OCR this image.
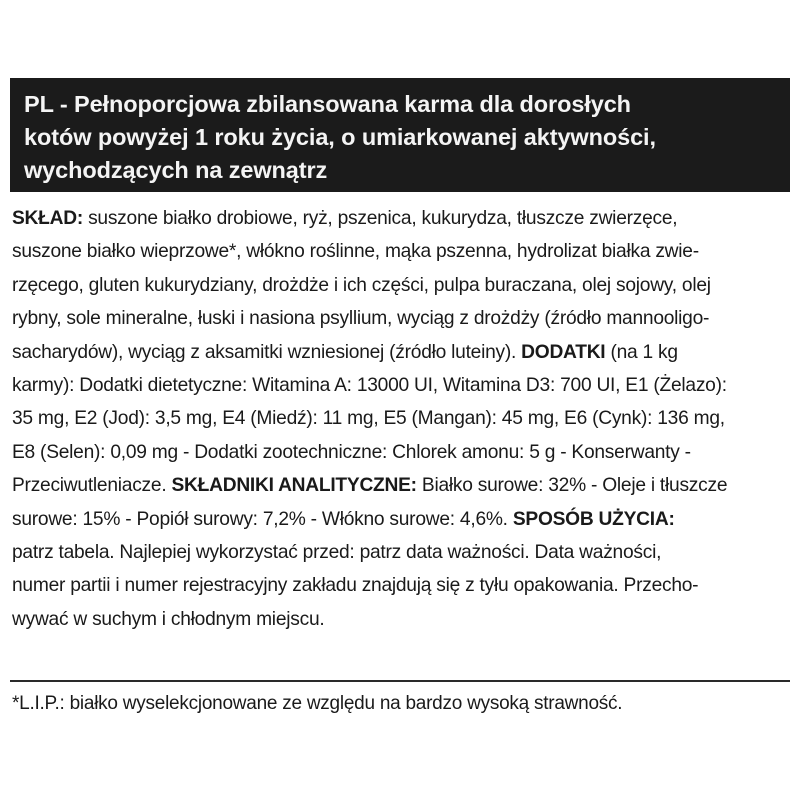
PL - Pełnoporcjowa zbilansowana karma dla dorosłych
kotów powyżej 1 roku życia, o umiarkowanej aktywności,
wychodzących na zewnątrz
SKŁAD: suszone białko drobiowe, ryż, pszenica, kukurydza, tłuszcze zwierzęce,
suszone białko wieprzowe*, włókno roślinne, mąka pszenna, hydrolizat białka zwie-
rzęcego, gluten kukurydziany, drożdże i ich części, pulpa buraczana, olej sojowy, olej
rybny, sole mineralne, łuski i nasiona psyllium, wyciąg z drożdży (źródło mannooligo-
sacharydów), wyciąg z aksamitki wzniesionej (źródło luteiny). DODATKI (na 1 kg
karmy): Dodatki dietetyczne: Witamina A: 13000 UI, Witamina D3: 700 UI, E1 (Żelazo):
35 mg, E2 (Jod): 3,5 mg, E4 (Miedź): 11 mg, E5 (Mangan): 45 mg, E6 (Cynk): 136 mg,
E8 (Selen): 0,09 mg - Dodatki zootechniczne: Chlorek amonu: 5 g - Konserwanty -
Przeciwutleniacze. SKŁADNIKI ANALITYCZNE: Białko surowe: 32% - Oleje i tłuszcze
surowe: 15% - Popiół surowy: 7,2% - Włókno surowe: 4,6%. SPOSÓB UŻYCIA:
patrz tabela. Najlepiej wykorzystać przed: patrz data ważności. Data ważności,
numer partii i numer rejestracyjny zakładu znajdują się z tyłu opakowania. Przecho-
wywać w suchym i chłodnym miejscu.
*L.I.P.: białko wyselekcjonowane ze względu na bardzo wysoką strawność.
